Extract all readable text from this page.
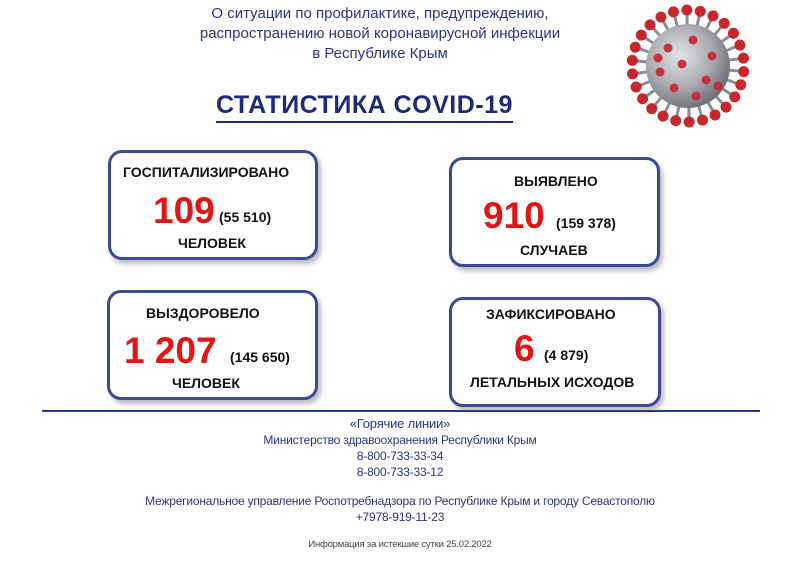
О ситуации по профилактике, предупреждению,
распространению новой коронавирусной инфекции
в Республике Крым
СТАТИСТИКА COVID-19
ГОСПИТАЛИЗИРОВАНО
109 (55 510)
ЧЕЛОВЕК
ВЫЯВЛЕНО
910 (159 378)
СЛУЧАЕВ
ВЫЗДОРОВЕЛО
1 207 (145 650)
ЧЕЛОВЕК
ЗАФИКСИРОВАНО
6 (4 879)
ЛЕТАЛЬНЫХ ИСХОДОВ
«Горячие линии»
Министерство здравоохранения Республики Крым
8-800-733-33-34
8-800-733-33-12
Межрегиональное управление Роспотребнадзора по Республике Крым и городу Севастополю
+7978-919-11-23
Информация за истекшие сутки 25.02.2022
